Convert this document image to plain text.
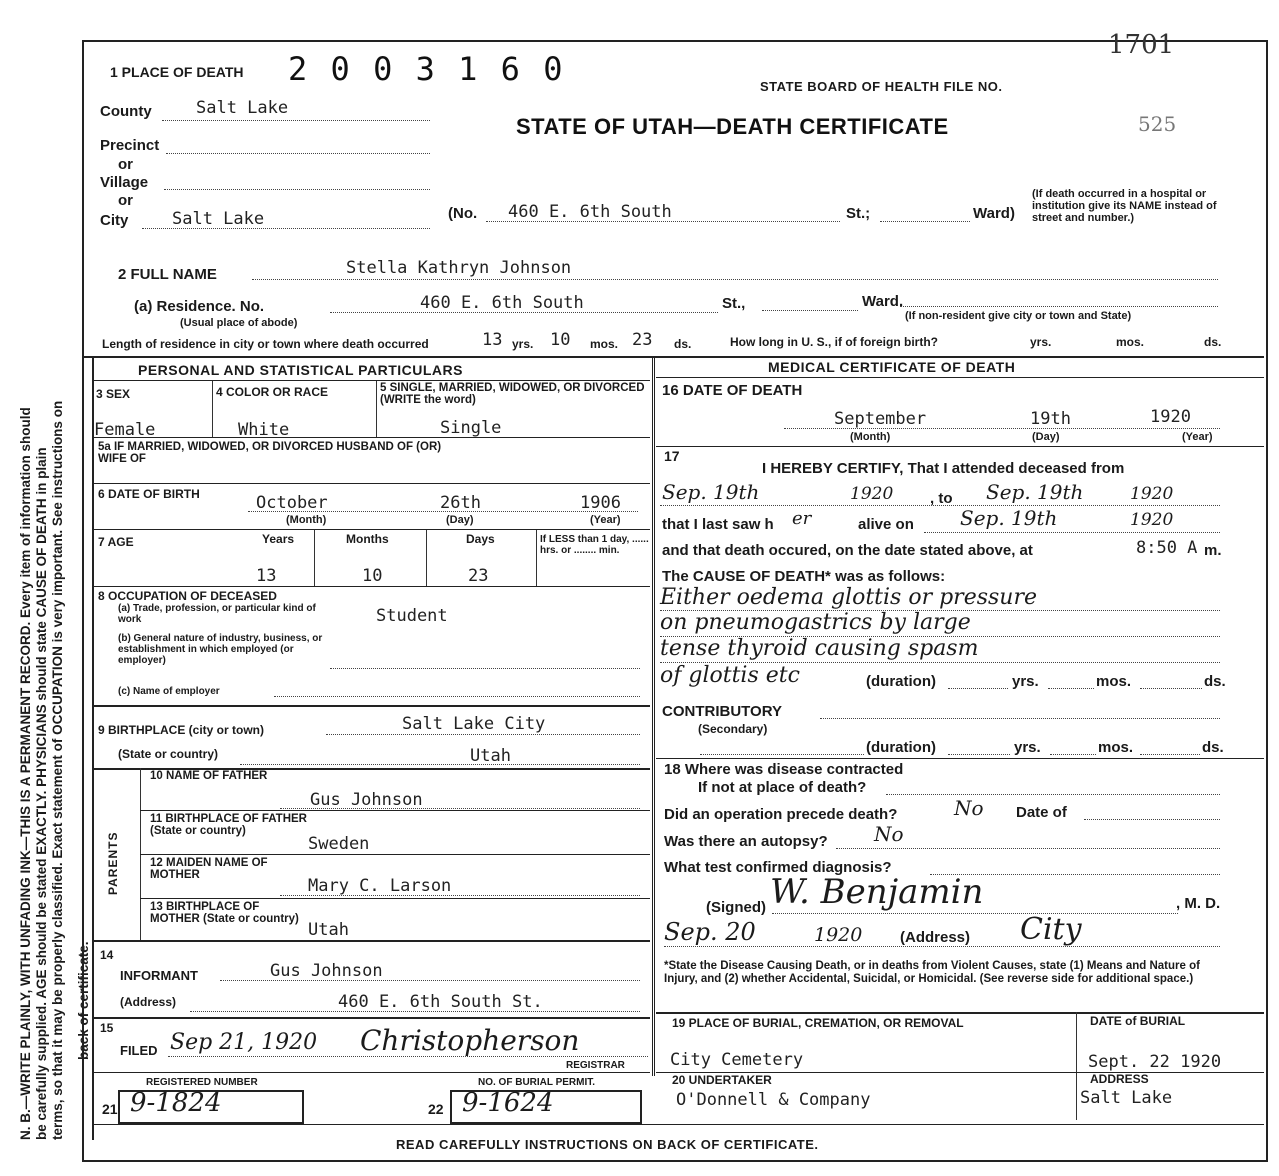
N. B.—WRITE PLAINLY, WITH UNFADING INK—THIS IS A PERMANENT RECORD. Every item of information should be carefully supplied. AGE should be stated EXACTLY. PHYSICIANS should state CAUSE OF DEATH in plain terms, so that it may be properly classified. Exact statement of OCCUPATION is very important. See instructions on back of certificate.
1 PLACE OF DEATH 2 0 0 3 1 6 0
1701
STATE BOARD OF HEALTH FILE NO.
STATE OF UTAH—DEATH CERTIFICATE	525
County	Salt Lake
Precinct
or
Village
or
City	Salt Lake	(No. 460 E. 6th South	St.;	Ward)
(If death occurred in a hospital or institution give its NAME instead of street and number.)
2 FULL NAME	Stella Kathryn Johnson
(a) Residence. No.
(Usual place of abode)
460 E. 6th South	St.,	Ward.
(If non-resident give city or town and State)
Length of residence in city or town where death occurred	13 yrs. 10 mos. 23 ds.	How long in U. S., if of foreign birth?	yrs.	mos.	ds.
PERSONAL AND STATISTICAL PARTICULARS	MEDICAL CERTIFICATE OF DEATH
3 SEX	4 COLOR OR RACE	5 SINGLE, MARRIED, WIDOWED, OR DIVORCED (WRITE the word)
Female	White	Single
5a IF MARRIED, WIDOWED, OR DIVORCED HUSBAND OF (OR) WIFE OF
6 DATE OF BIRTH	October	26th	1906
(Month)	(Day)	(Year)
7 AGE	Years	Months	Days	If LESS than 1 day, ...... hrs. or ........ min.
13	10	23
8 OCCUPATION OF DECEASED
(a) Trade, profession, or particular kind of work	Student
(b) General nature of industry, business, or establishment in which employed (or employer)
(c) Name of employer
9 BIRTHPLACE (city or town)	Salt Lake City
(State or country)	Utah
PARENTS
10 NAME OF FATHER
Gus Johnson
11 BIRTHPLACE OF FATHER (State or country)
Sweden
12 MAIDEN NAME OF MOTHER
Mary C. Larson
13 BIRTHPLACE OF MOTHER (State or country)
Utah
14
INFORMANT	Gus Johnson
(Address)	460 E. 6th South St.
15
FILED Sep 21, 1920 Christopherson
REGISTRAR
REGISTERED NUMBER	NO. OF BURIAL PERMIT.
21 9-1824	22 9-1624
16 DATE OF DEATH
September	19th	1920
(Month)	(Day)	(Year)
17
I HEREBY CERTIFY, That I attended deceased from
Sep. 19th	1920 , to Sep. 19th	1920
that I last saw h er	alive on Sep. 19th	1920
and that death occured, on the date stated above, at	8:50 A m.
The CAUSE OF DEATH* was as follows:
Either oedema glottis or pressure
on pneumogastrics by large
tense thyroid causing spasm
of glottis etc	(duration)	yrs.	mos.	ds.
CONTRIBUTORY
(Secondary)
(duration)	yrs.	mos.	ds.
18 Where was disease contracted
If not at place of death?
Did an operation precede death?	No Date of
Was there an autopsy? No
What test confirmed diagnosis?
(Signed) W. Benjamin	, M. D.
Sep. 20	1920	(Address) City
*State the Disease Causing Death, or in deaths from Violent Causes, state (1) Means and Nature of Injury, and (2) whether Accidental, Suicidal, or Homicidal. (See reverse side for additional space.)
19 PLACE OF BURIAL, CREMATION, OR REMOVAL	DATE of BURIAL
City Cemetery	Sept. 22 1920
20 UNDERTAKER	ADDRESS
O'Donnell & Company	Salt Lake
READ CAREFULLY INSTRUCTIONS ON BACK OF CERTIFICATE.
